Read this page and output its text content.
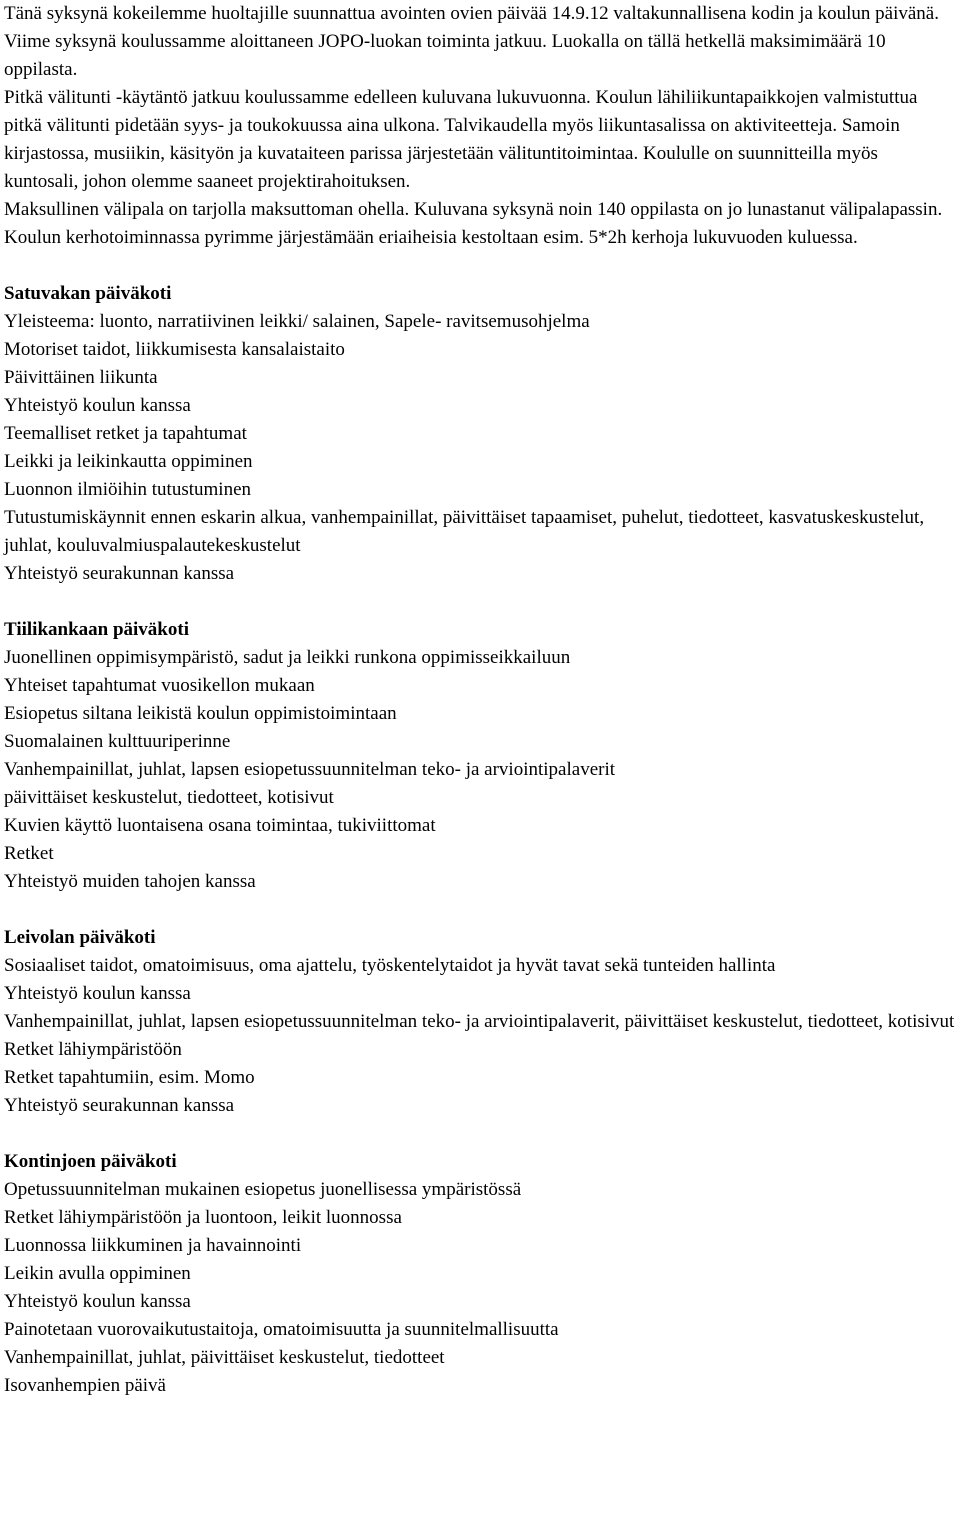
Tänä syksynä kokeilemme huoltajille suunnattua avointen ovien päivää 14.9.12 valtakunnallisena kodin ja koulun päivänä.

Viime syksynä koulussamme aloittaneen JOPO-luokan toiminta jatkuu. Luokalla on tällä hetkellä maksimimäärä 10 oppilasta.

Pitkä välitunti -käytäntö jatkuu koulussamme edelleen kuluvana lukuvuonna. Koulun lähiliikuntapaikkojen valmistuttua pitkä välitunti pidetään syys- ja toukokuussa aina ulkona. Talvikaudella myös liikuntasalissa on aktiviteetteja. Samoin kirjastossa, musiikin, käsityön ja kuvataiteen parissa järjestetään välituntitoimintaa. Koululle on suunnitteilla myös kuntosali, johon olemme saaneet projektirahoituksen.

Maksullinen välipala on tarjolla maksuttoman ohella. Kuluvana syksynä noin 140 oppilasta on jo lunastanut välipalapassin.

Koulun kerhotoiminnassa pyrimme järjestämään eriaiheisia kestoltaan esim. 5*2h kerhoja lukuvuoden kuluessa.

Satuvakan päiväkoti

Yleisteema: luonto, narratiivinen leikki/ salainen, Sapele- ravitsemusohjelma

Motoriset taidot, liikkumisesta kansalaistaito

Päivittäinen liikunta

Yhteistyö koulun kanssa

Teemalliset retket ja tapahtumat

Leikki ja leikinkautta oppiminen

Luonnon ilmiöihin tutustuminen

Tutustumiskäynnit ennen eskarin alkua, vanhempainillat, päivittäiset tapaamiset, puhelut, tiedotteet, kasvatuskeskustelut, juhlat, kouluvalmiuspalautekeskustelut

Yhteistyö seurakunnan kanssa

Tiilikankaan päiväkoti

Juonellinen oppimisympäristö, sadut ja leikki runkona oppimisseikkailuun

Yhteiset tapahtumat vuosikellon mukaan

Esiopetus siltana leikistä koulun oppimistoimintaan

Suomalainen kulttuuriperinne

Vanhempainillat, juhlat, lapsen esiopetussuunnitelman teko- ja arviointipalaverit

päivittäiset keskustelut, tiedotteet, kotisivut

Kuvien käyttö luontaisena osana toimintaa, tukiviittomat

Retket

Yhteistyö muiden tahojen kanssa

Leivolan päiväkoti

Sosiaaliset taidot, omatoimisuus, oma ajattelu, työskentelytaidot ja hyvät tavat sekä tunteiden hallinta

Yhteistyö koulun kanssa

Vanhempainillat, juhlat, lapsen esiopetussuunnitelman teko- ja arviointipalaverit, päivittäiset keskustelut, tiedotteet, kotisivut

Retket lähiympäristöön

Retket tapahtumiin, esim. Momo

Yhteistyö seurakunnan kanssa

Kontinjoen päiväkoti

Opetussuunnitelman mukainen esiopetus juonellisessa ympäristössä

Retket lähiympäristöön ja luontoon, leikit luonnossa

Luonnossa liikkuminen ja havainnointi

Leikin avulla oppiminen

Yhteistyö koulun kanssa

Painotetaan vuorovaikutustaitoja, omatoimisuutta ja suunnitelmallisuutta

Vanhempainillat, juhlat, päivittäiset keskustelut, tiedotteet

Isovanhempien päivä
